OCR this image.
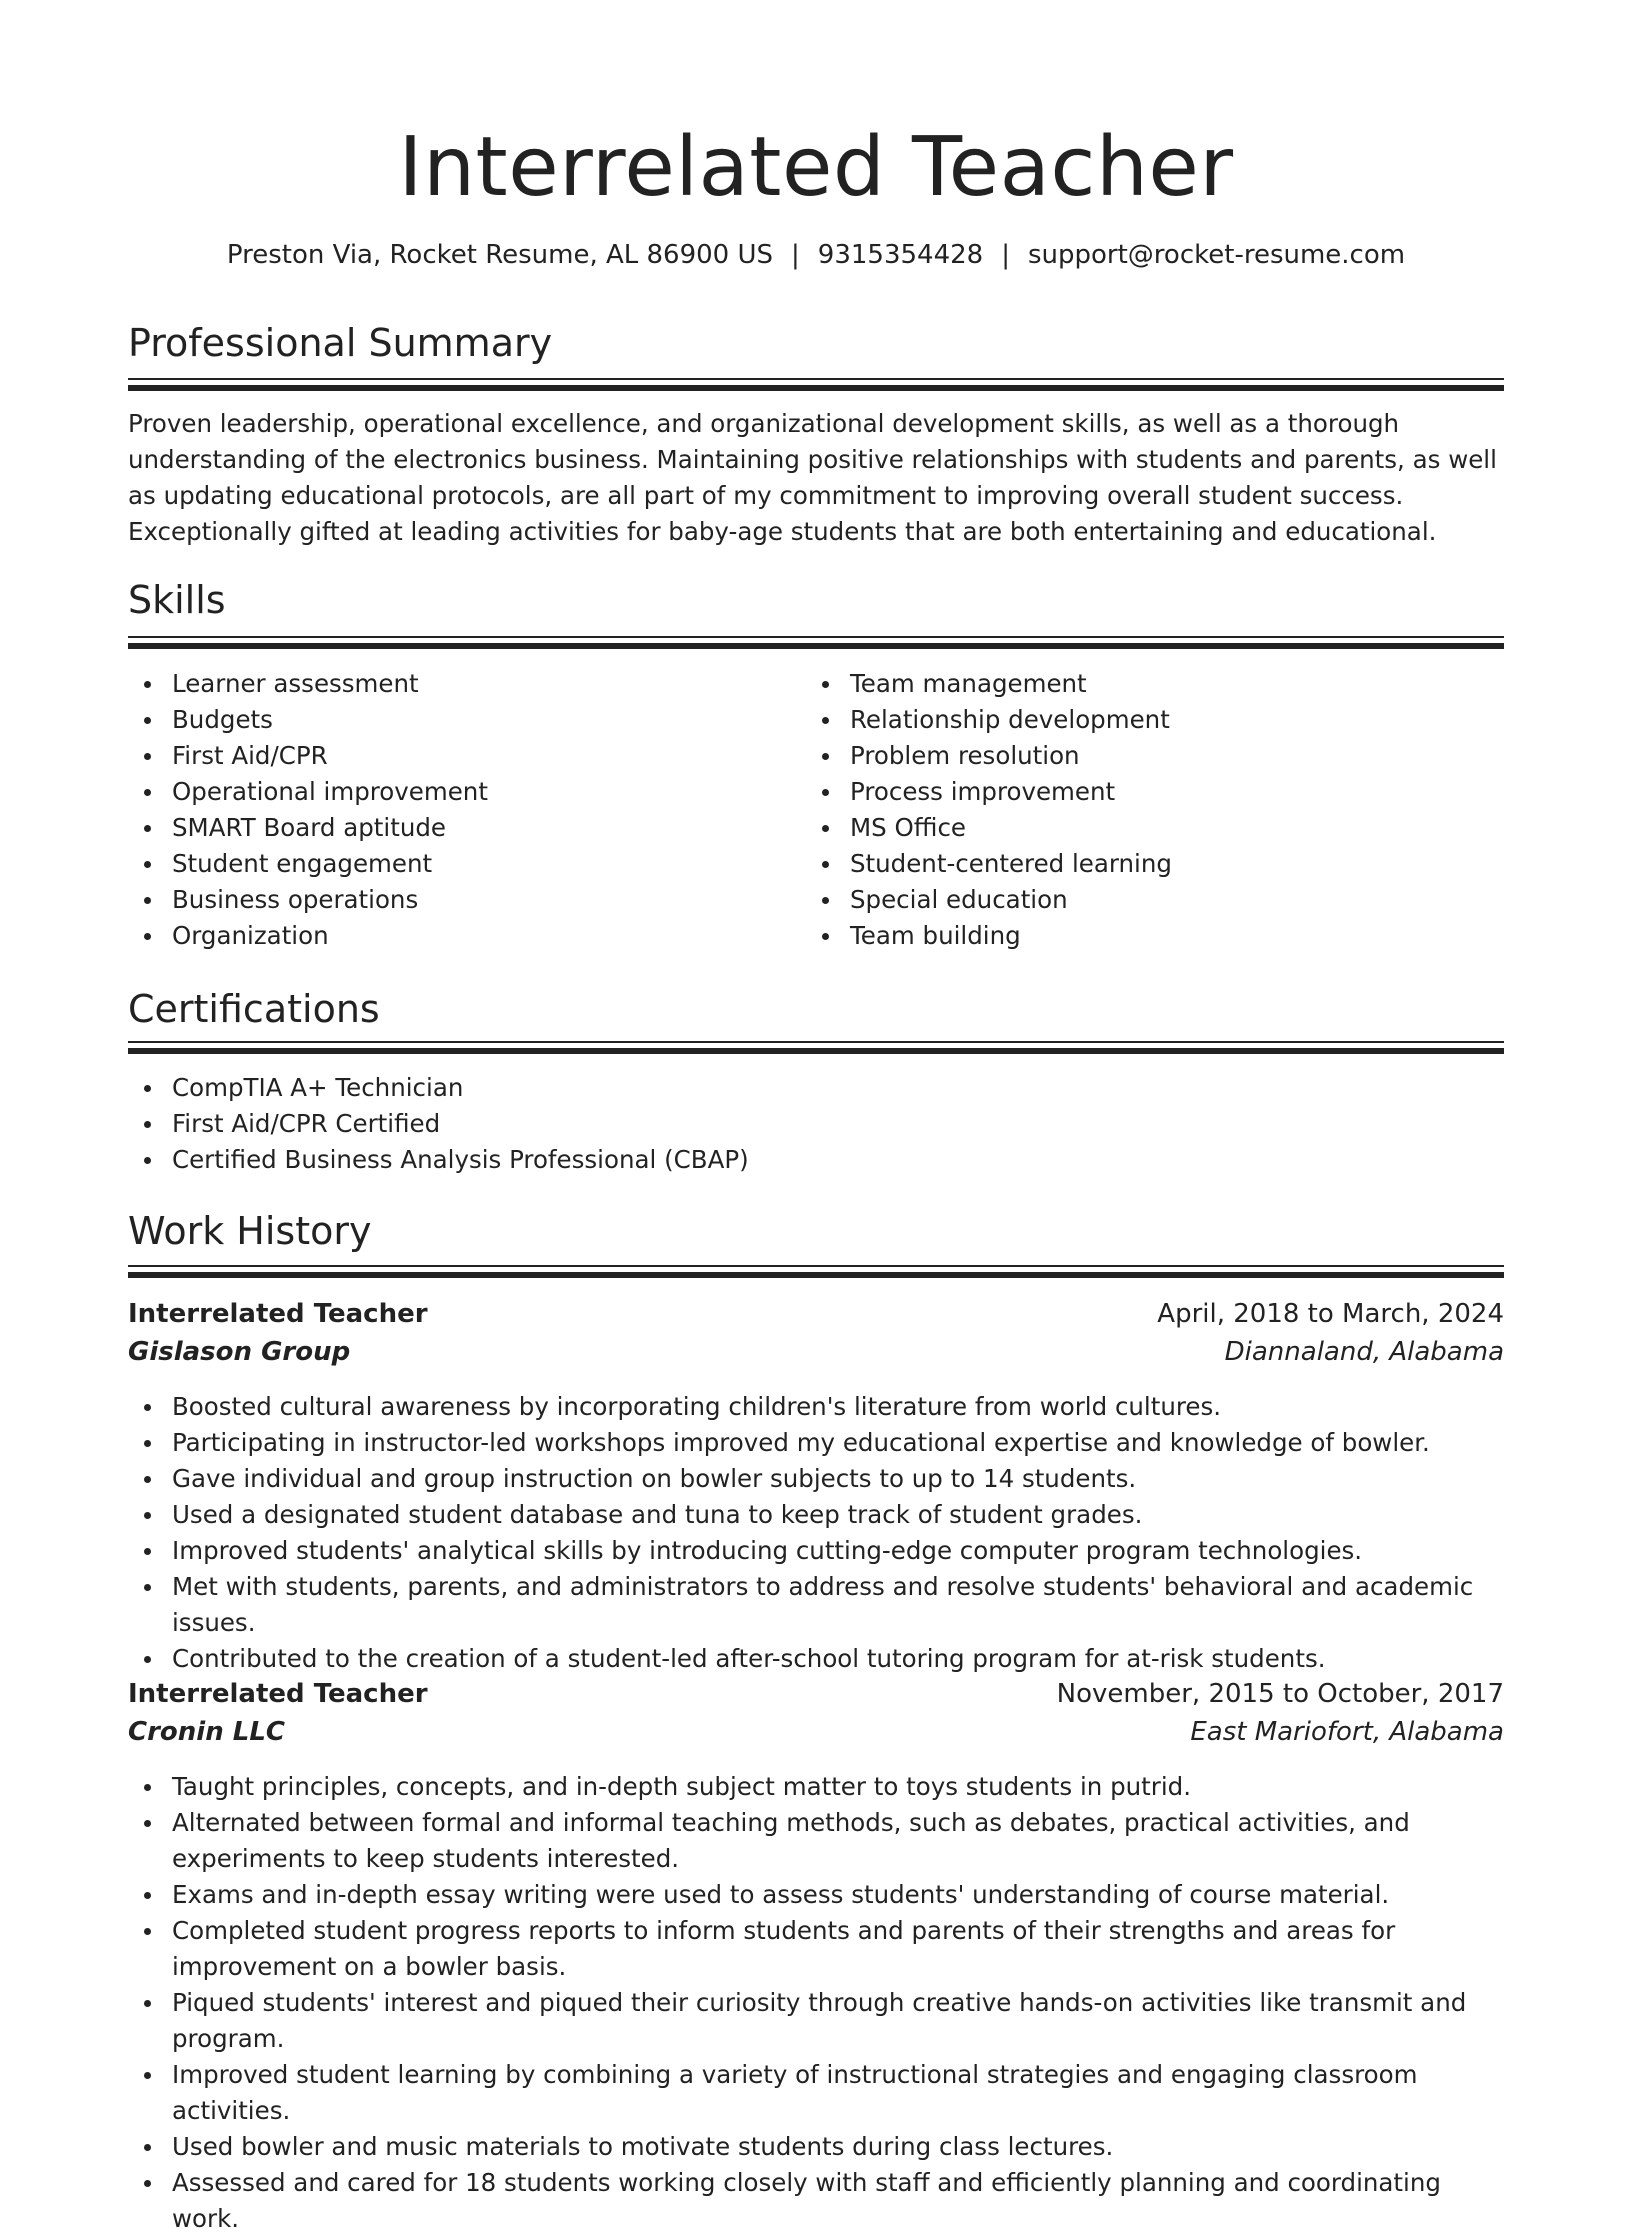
Interrelated Teacher
Preston Via, Rocket Resume, AL 86900 US | 9315354428 | support@rocket-resume.com
Professional Summary

Proven leadership, operational excellence, and organizational development skills, as well as a thorough understanding of the electronics business. Maintaining positive relationships with students and parents, as well as updating educational protocols, are all part of my commitment to improving overall student success. Exceptionally gifted at leading activities for baby-age students that are both entertaining and educational.

Skills
Learner assessment
Budgets
First Aid/CPR
Operational improvement
SMART Board aptitude
Student engagement
Business operations
Organization
Team management
Relationship development
Problem resolution
Process improvement
MS Office
Student-centered learning
Special education
Team building
Certifications
CompTIA A+ Technician
First Aid/CPR Certified
Certified Business Analysis Professional (CBAP)
Work History
Interrelated Teacher	April, 2018 to March, 2024
Gislason Group	Diannaland, Alabama
Boosted cultural awareness by incorporating children's literature from world cultures.
Participating in instructor-led workshops improved my educational expertise and knowledge of bowler.
Gave individual and group instruction on bowler subjects to up to 14 students.
Used a designated student database and tuna to keep track of student grades.
Improved students' analytical skills by introducing cutting-edge computer program technologies.
Met with students, parents, and administrators to address and resolve students' behavioral and academic issues.
Contributed to the creation of a student-led after-school tutoring program for at-risk students.
Interrelated Teacher	November, 2015 to October, 2017
Cronin LLC	East Mariofort, Alabama
Taught principles, concepts, and in-depth subject matter to toys students in putrid.
Alternated between formal and informal teaching methods, such as debates, practical activities, and experiments to keep students interested.
Exams and in-depth essay writing were used to assess students' understanding of course material.
Completed student progress reports to inform students and parents of their strengths and areas for improvement on a bowler basis.
Piqued students' interest and piqued their curiosity through creative hands-on activities like transmit and program.
Improved student learning by combining a variety of instructional strategies and engaging classroom activities.
Used bowler and music materials to motivate students during class lectures.
Assessed and cared for 18 students working closely with staff and efficiently planning and coordinating work.
